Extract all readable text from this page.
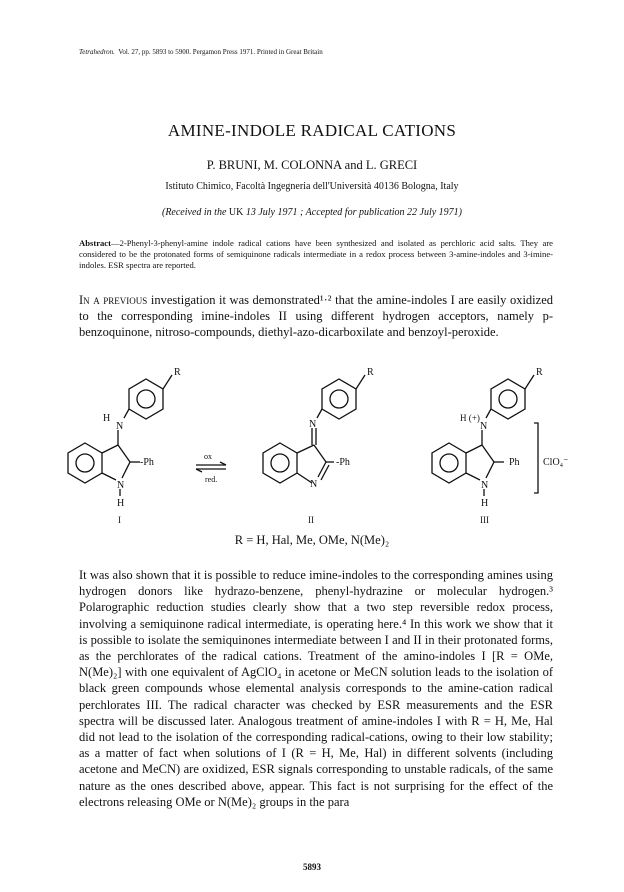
Tetrahedron. Vol. 27, pp. 5893 to 5900. Pergamon Press 1971. Printed in Great Britain
AMINE-INDOLE RADICAL CATIONS
P. BRUNI, M. COLONNA and L. GRECI
Istituto Chimico, Facoltà Ingegneria dell'Università 40136 Bologna, Italy
(Received in the UK 13 July 1971 ; Accepted for publication 22 July 1971)
Abstract—2-Phenyl-3-phenyl-amine indole radical cations have been synthesized and isolated as perchloric acid salts. They are considered to be the protonated forms of semiquinone radicals intermediate in a redox process between 3-amine-indoles and 3-imine-indoles. ESR spectra are reported.
In a previous investigation it was demonstrated¹·² that the amine-indoles I are easily oxidized to the corresponding imine-indoles II using different hydrogen acceptors, namely p-benzoquinone, nitroso-compounds, diethyl-azo-dicarboxilate and benzoyl-peroxide.
R
H
N
-Ph
N
H
ox
red.
R
N
-Ph
N
R
H (+)
N
Ph
N
H
ClO₄⁻
I	II	III
R = H, Hal, Me, OMe, N(Me)₂
It was also shown that it is possible to reduce imine-indoles to the corresponding amines using hydrogen donors like hydrazo-benzene, phenyl-hydrazine or molecular hydrogen.³ Polarographic reduction studies clearly show that a two step reversible redox process, involving a semiquinone radical intermediate, is operating here.⁴ In this work we show that it is possible to isolate the semiquinones intermediate between I and II in their protonated forms, as the perchlorates of the radical cations. Treatment of the amino-indoles I [R = OMe, N(Me)₂] with one equivalent of AgClO₄ in acetone or MeCN solution leads to the isolation of black green compounds whose elemental analysis corresponds to the amine-cation radical perchlorates III. The radical character was checked by ESR measurements and the ESR spectra will be discussed later. Analogous treatment of amine-indoles I with R = H, Me, Hal did not lead to the isolation of the corresponding radical-cations, owing to their low stability; as a matter of fact when solutions of I (R = H, Me, Hal) in different solvents (including acetone and MeCN) are oxidized, ESR signals corresponding to unstable radicals, of the same nature as the ones described above, appear. This fact is not surprising for the effect of the electrons releasing OMe or N(Me)₂ groups in the para
5893
